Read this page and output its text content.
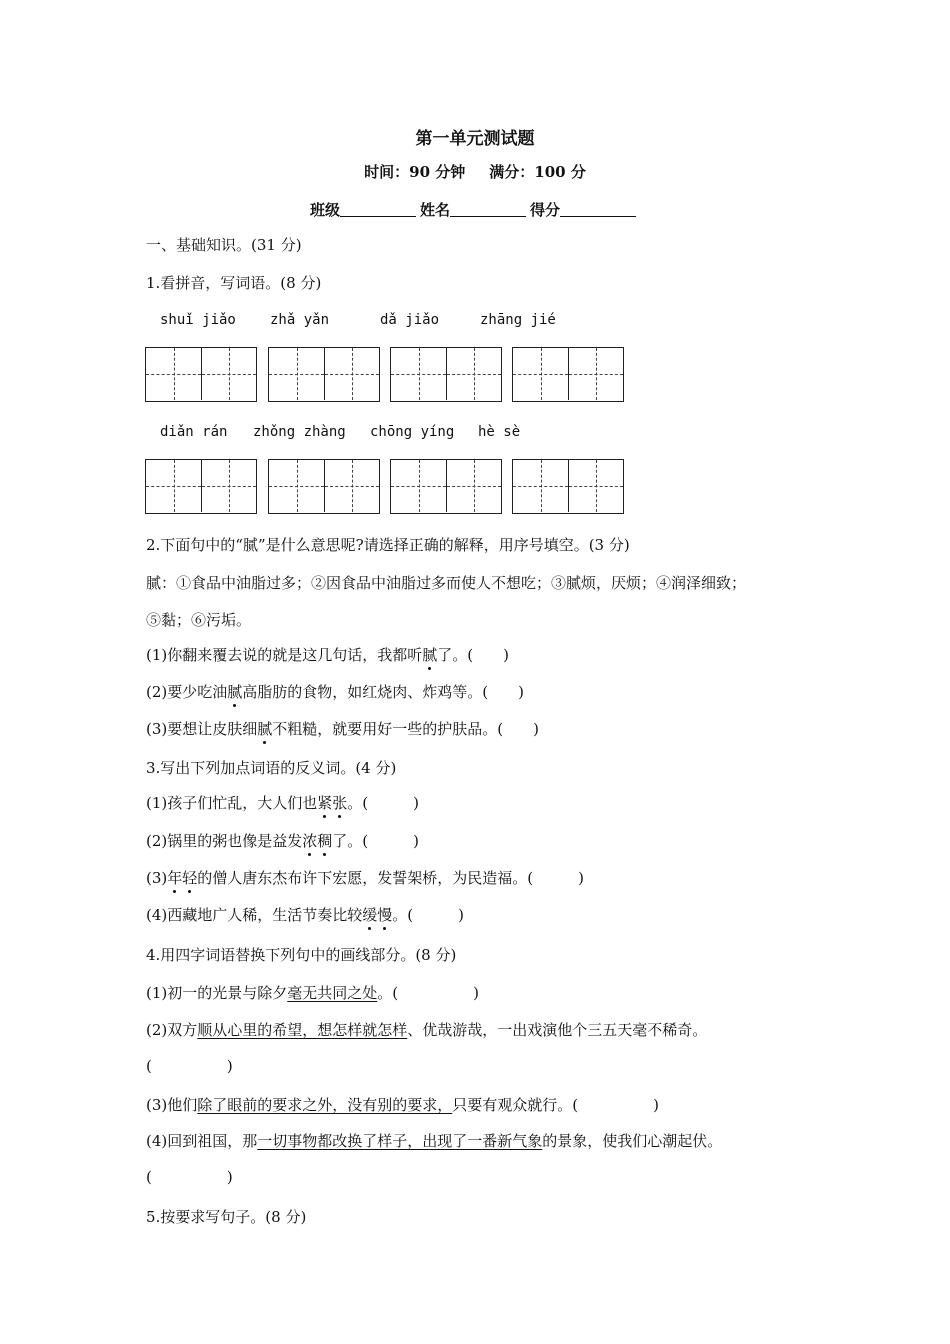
第一单元测试题
时间：90 分钟 满分：100 分
班级	姓名	得分
一、基础知识。(31 分)
1.看拼音，写词语。(8 分)
shuǐ jiǎo zhǎ yǎn	dǎ jiǎo	zhāng jié
diǎn rán zhǒng zhàng chōng yíng hè sè
2.下面句中的“腻”是什么意思呢?请选择正确的解释，用序号填空。(3 分)
腻：①食品中油脂过多；②因食品中油脂过多而使人不想吃；③腻烦，厌烦；④润泽细致；
⑤黏；⑥污垢。
(1)你翻来覆去说的就是这几句话，我都听腻了。(　　)
(2)要少吃油腻高脂肪的食物，如红烧肉、炸鸡等。(　　)
(3)要想让皮肤细腻不粗糙，就要用好一些的护肤品。(　　)
3.写出下列加点词语的反义词。(4 分)
(1)孩子们忙乱，大人们也紧张。(　　　)
(2)锅里的粥也像是益发浓稠了。(　　　)
(3)年轻的僧人唐东杰布许下宏愿，发誓架桥，为民造福。(　　　)
(4)西藏地广人稀，生活节奏比较缓慢。(　　　)
4.用四字词语替换下列句中的画线部分。(8 分)
(1)初一的光景与除夕毫无共同之处。(　　　　　)
(2)双方顺从心里的希望，想怎样就怎样、优哉游哉，一出戏演他个三五天毫不稀奇。
(　　　　　)
(3)他们除了眼前的要求之外，没有别的要求，只要有观众就行。(　　　　　)
(4)回到祖国，那一切事物都改换了样子，出现了一番新气象的景象，使我们心潮起伏。
(　　　　　)
5.按要求写句子。(8 分)
